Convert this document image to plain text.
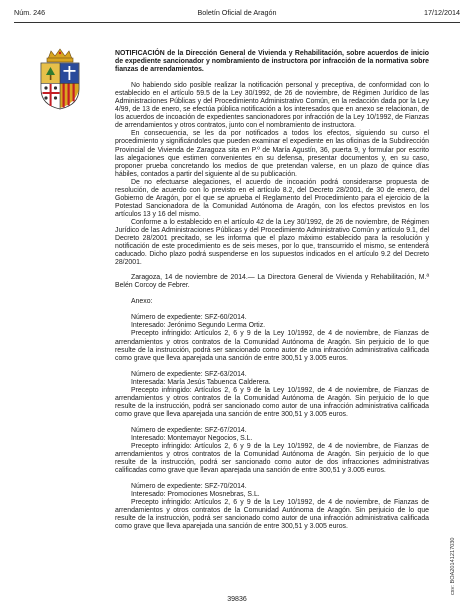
Núm. 246	Boletín Oficial de Aragón	17/12/2014

NOTIFICACIÓN de la Dirección General de Vivienda y Rehabilitación, sobre acuerdos de inicio de expediente sancionador y nombramiento de instructora por infracción de la normativa sobre fianzas de arrendamientos.

No habiendo sido posible realizar la notificación personal y preceptiva, de conformidad con lo establecido en el artículo 59.5 de la Ley 30/1992, de 26 de noviembre, de Régimen Jurídico de las Administraciones Públicas y del Procedimiento Administrativo Común, en la redacción dada por la Ley 4/99, de 13 de enero, se efectúa pública notificación a los interesados que en anexo se relacionan, de los acuerdos de incoación de expedientes sancionadores por infracción de la Ley 10/1992, de Fianzas de arrendamientos y otros contratos, junto con el nombramiento de instructora.

En consecuencia, se les da por notificados a todos los efectos, siguiendo su curso el procedimiento y significándoles que pueden examinar el expediente en las oficinas de la Subdirección Provincial de Vivienda de Zaragoza sita en P.º de María Agustín, 36, puerta 9, y formular por escrito las alegaciones que estimen convenientes en su defensa, presentar documentos y, en su caso, proponer prueba concretando los medios de que pretendan valerse, en un plazo de quince días hábiles, contados a partir del siguiente al de su publicación.

De no efectuarse alegaciones, el acuerdo de incoación podrá considerarse propuesta de resolución, de acuerdo con lo previsto en el artículo 8.2, del Decreto 28/2001, de 30 de enero, del Gobierno de Aragón, por el que se aprueba el Reglamento del Procedimiento para el ejercicio de la Potestad Sancionadora de la Comunidad Autónoma de Aragón, con los efectos previstos en los artículos 13 y 16 del mismo.

Conforme a lo establecido en el artículo 42 de la Ley 30/1992, de 26 de noviembre, de Régimen Jurídico de las Administraciones Públicas y del Procedimiento Administrativo Común y artículo 9.1, del Decreto 28/2001 precitado, se les informa que el plazo máximo establecido para la resolución y notificación de este procedimiento es de seis meses, por lo que, transcurrido el mismo, se entenderá caducado. Dicho plazo podrá suspenderse en los supuestos indicados en el artículo 9.2 del Decreto 28/2001.

Zaragoza, 14 de noviembre de 2014.— La Directora General de Vivienda y Rehabilitación, M.ª Belén Corcoy de Febrer.

Anexo:

Número de expediente: SFZ-60/2014.

Interesado: Jerónimo Segundo Lerma Ortiz.

Precepto infringido: Artículos 2, 6 y 9 de la Ley 10/1992, de 4 de noviembre, de Fianzas de arrendamientos y otros contratos de la Comunidad Autónoma de Aragón. Sin perjuicio de lo que resulte de la instrucción, podrá ser sancionado como autor de una infracción administrativa calificada como grave que lleva aparejada una sanción de entre 300,51 y 3.005 euros.

Número de expediente: SFZ-63/2014.

Interesada: María Jesús Tabuenca Calderera.

Precepto infringido: Artículos 2, 6 y 9 de la Ley 10/1992, de 4 de noviembre, de Fianzas de arrendamientos y otros contratos de la Comunidad Autónoma de Aragón. Sin perjuicio de lo que resulte de la instrucción, podrá ser sancionado como autor de una infracción administrativa calificada como grave que lleva aparejada una sanción de entre 300,51 y 3.005 euros.

Número de expediente: SFZ-67/2014.

Interesado: Montemayor Negocios, S.L.

Precepto infringido: Artículos 2, 6 y 9 de la Ley 10/1992, de 4 de noviembre, de Fianzas de arrendamientos y otros contratos de la Comunidad Autónoma de Aragón. Sin perjuicio de lo que resulte de la instrucción, podrá ser sancionado como autor de dos infracciones administrativas calificadas como grave que llevan aparejada una sanción de entre 300,51 y 3.005 euros.

Número de expediente: SFZ-70/2014.

Interesado: Promociones Mosnebras, S.L.

Precepto infringido: Artículos 2, 6 y 9 de la Ley 10/1992, de 4 de noviembre, de Fianzas de arrendamientos y otros contratos de la Comunidad Autónoma de Aragón. Sin perjuicio de lo que resulte de la instrucción, podrá ser sancionado como autor de una infracción administrativa calificada como grave que lleva aparejada una sanción de entre 300,51 y 3.005 euros.

csv: BOA20141217030
39836
